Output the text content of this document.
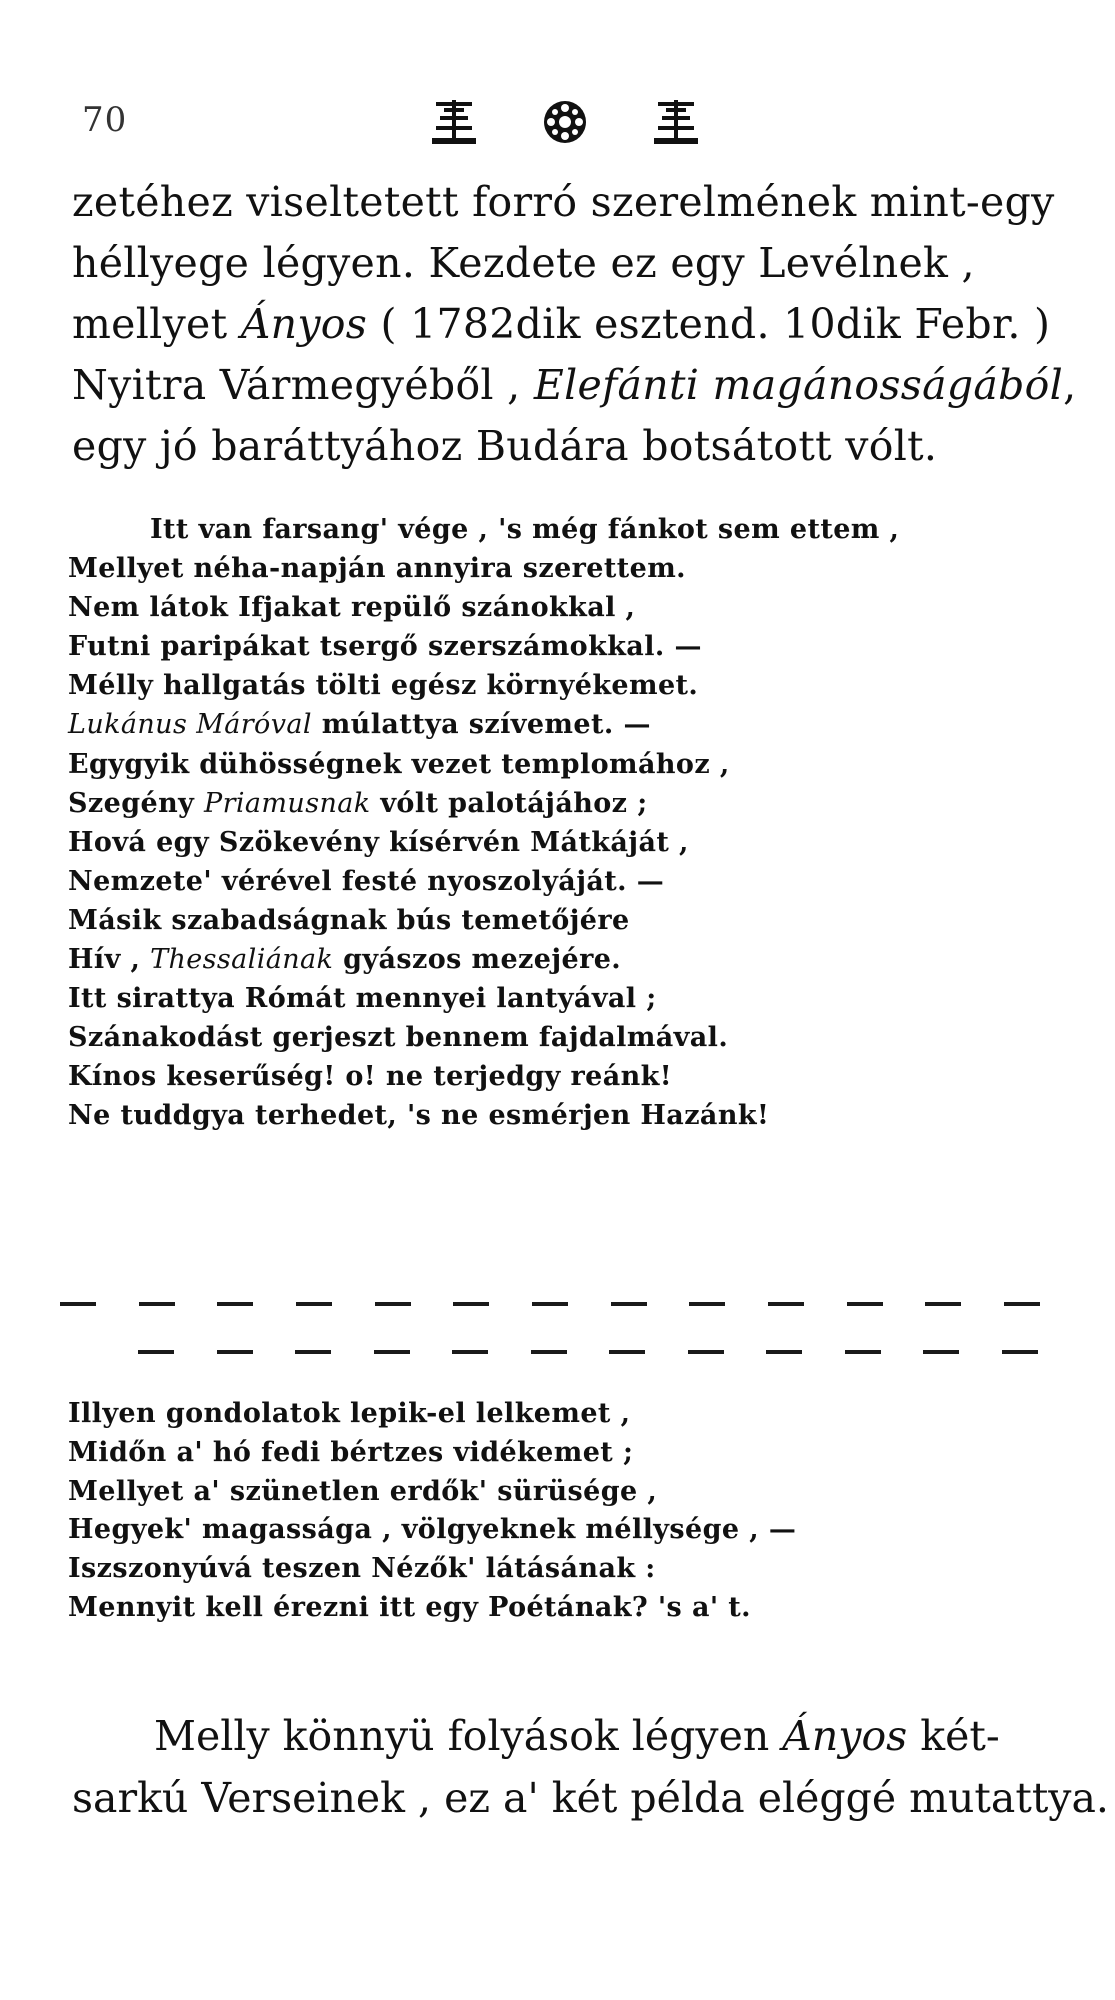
70
zetéhez viseltetett forró szerelmének mint-egy
héllyege légyen. Kezdete ez egy Levélnek ,
mellyet Ányos ( 1782dik esztend. 10dik Febr. )
Nyitra Vármegyéből , Elefánti magánosságából,
egy jó baráttyához Budára botsátott vólt.
Itt van farsang' vége , 's még fánkot sem ettem ,
Mellyet néha-napján annyira szerettem.
Nem látok Ifjakat repülő szánokkal ,
Futni paripákat tsergő szerszámokkal. —
Mélly hallgatás tölti egész környékemet.
Lukánus Máróval múlattya szívemet. —
Egygyik dühösségnek vezet templomához ,
Szegény Priamusnak vólt palotájához ;
Hová egy Szökevény kísérvén Mátkáját ,
Nemzete' vérével festé nyoszolyáját. —
Másik szabadságnak bús temetőjére
Hív , Thessaliának gyászos mezejére.
Itt sirattya Rómát mennyei lantyával ;
Szánakodást gerjeszt bennem fajdalmával.
Kínos keserűség! o! ne terjedgy reánk!
Ne tuddgya terhedet, 's ne esmérjen Hazánk!
Illyen gondolatok lepik-el lelkemet ,
Midőn a' hó fedi bértzes vidékemet ;
Mellyet a' szünetlen erdők' sürüsége ,
Hegyek' magassága , völgyeknek méllysége , —
Iszszonyúvá teszen Nézők' látásának :
Mennyit kell érezni itt egy Poétának? 's a' t.
Melly könnyü folyások légyen Ányos két-
sarkú Verseinek , ez a' két példa eléggé mutattya.
